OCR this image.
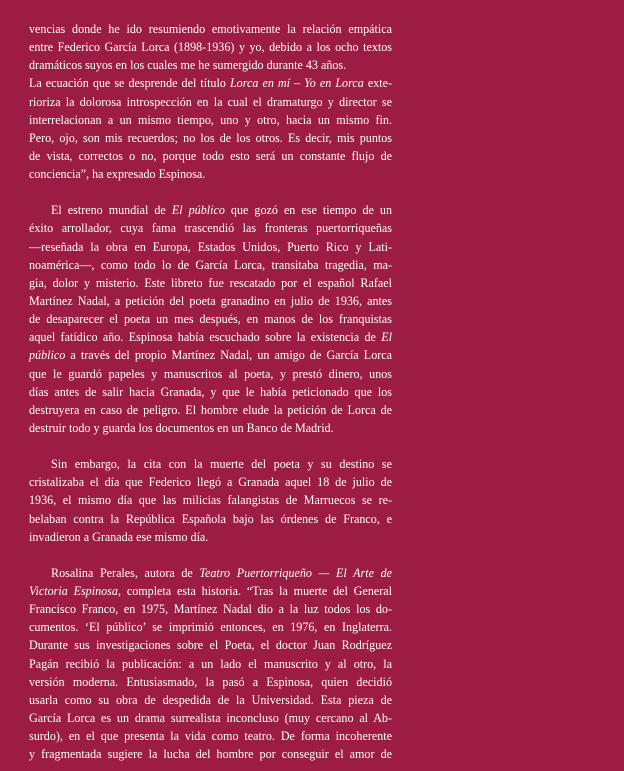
vencias donde he ido resumiendo emotivamente la relación empática
entre Federico García Lorca (1898-1936) y yo, debido a los ocho textos
dramáticos suyos en los cuales me he sumergido durante 43 años.
La ecuación que se desprende del título Lorca en mí – Yo en Lorca exte-
rioriza la dolorosa introspección en la cual el dramaturgo y director se
interrelacionan a un mismo tiempo, uno y otro, hacia un mismo fin.
Pero, ojo, son mis recuerdos; no los de los otros. Es decir, mis puntos
de vista, correctos o no, porque todo esto será un constante flujo de
conciencia”, ha expresado Espinosa.
El estreno mundial de El público que gozó en ese tiempo de un
éxito arrollador, cuya fama trascendió las fronteras puertorriqueñas
—reseñada la obra en Europa, Estados Unidos, Puerto Rico y Lati-
noamérica—, como todo lo de García Lorca, transitaba tragedia, ma-
gia, dolor y misterio. Este libreto fue rescatado por el español Rafael
Martínez Nadal, a petición del poeta granadino en julio de 1936, antes
de desaparecer el poeta un mes después, en manos de los franquistas
aquel fatídico año. Espinosa había escuchado sobre la existencia de El
público a través del propio Martínez Nadal, un amigo de García Lorca
que le guardó papeles y manuscritos al poeta, y prestó dinero, unos
días antes de salir hacia Granada, y que le había peticionado que los
destruyera en caso de peligro. El hombre elude la petición de Lorca de
destruir todo y guarda los documentos en un Banco de Madrid.
Sin embargo, la cita con la muerte del poeta y su destino se
cristalizaba el día que Federico llegó a Granada aquel 18 de julio de
1936, el mismo día que las milicias falangistas de Marruecos se re-
belaban contra la República Española bajo las órdenes de Franco, e
invadieron a Granada ese mismo día.
Rosalina Perales, autora de Teatro Puertorriqueño — El Arte de
Victoria Espinosa, completa esta historia. “Tras la muerte del General
Francisco Franco, en 1975, Martínez Nadal dio a la luz todos los do-
cumentos. ‘El público’ se imprimió entonces, en 1976, en Inglaterra.
Durante sus investigaciones sobre el Poeta, el doctor Juan Rodríguez
Pagán recibió la publicación: a un lado el manuscrito y al otro, la
versión moderna. Entusiasmado, la pasó a Espinosa, quien decidió
usarla como su obra de despedida de la Universidad. Esta pieza de
García Lorca es un drama surrealista inconcluso (muy cercano al Ab-
surdo), en el que presenta la vida como teatro. De forma incoherente
y fragmentada sugiere la lucha del hombre por conseguir el amor de
